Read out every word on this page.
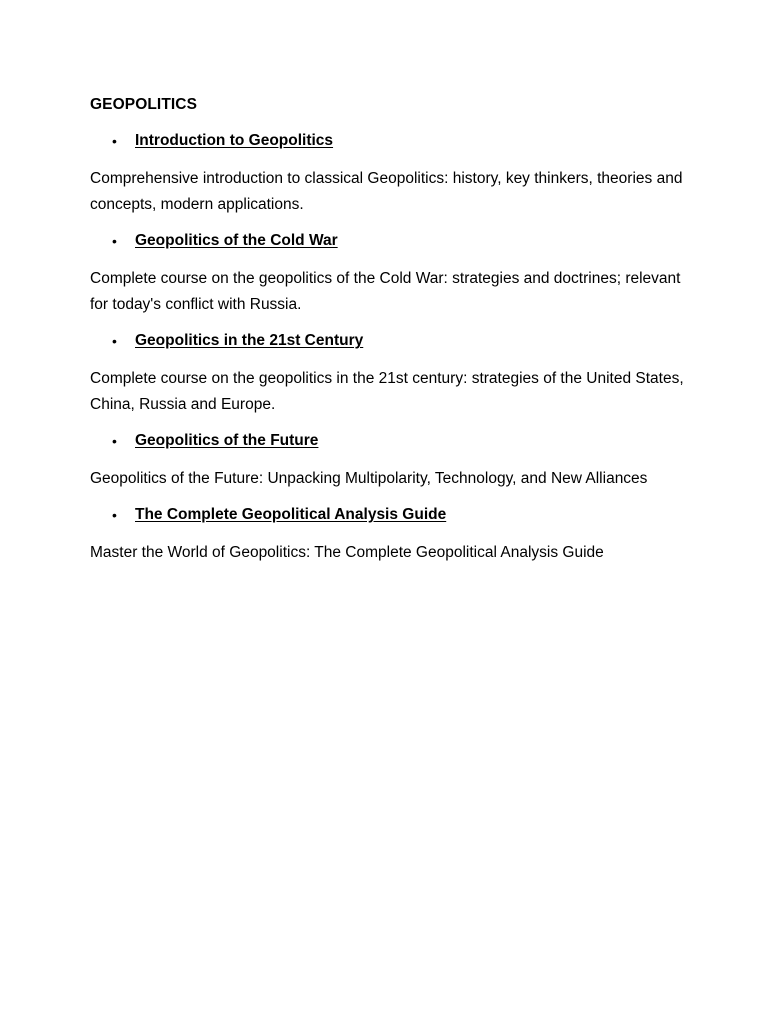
GEOPOLITICS
• Introduction to Geopolitics

Comprehensive introduction to classical Geopolitics: history, key thinkers, theories and concepts, modern applications.

• Geopolitics of the Cold War

Complete course on the geopolitics of the Cold War: strategies and doctrines; relevant for today's conflict with Russia.

• Geopolitics in the 21st Century

Complete course on the geopolitics in the 21st century: strategies of the United States, China, Russia and Europe.

• Geopolitics of the Future

Geopolitics of the Future: Unpacking Multipolarity, Technology, and New Alliances

• The Complete Geopolitical Analysis Guide

Master the World of Geopolitics: The Complete Geopolitical Analysis Guide
